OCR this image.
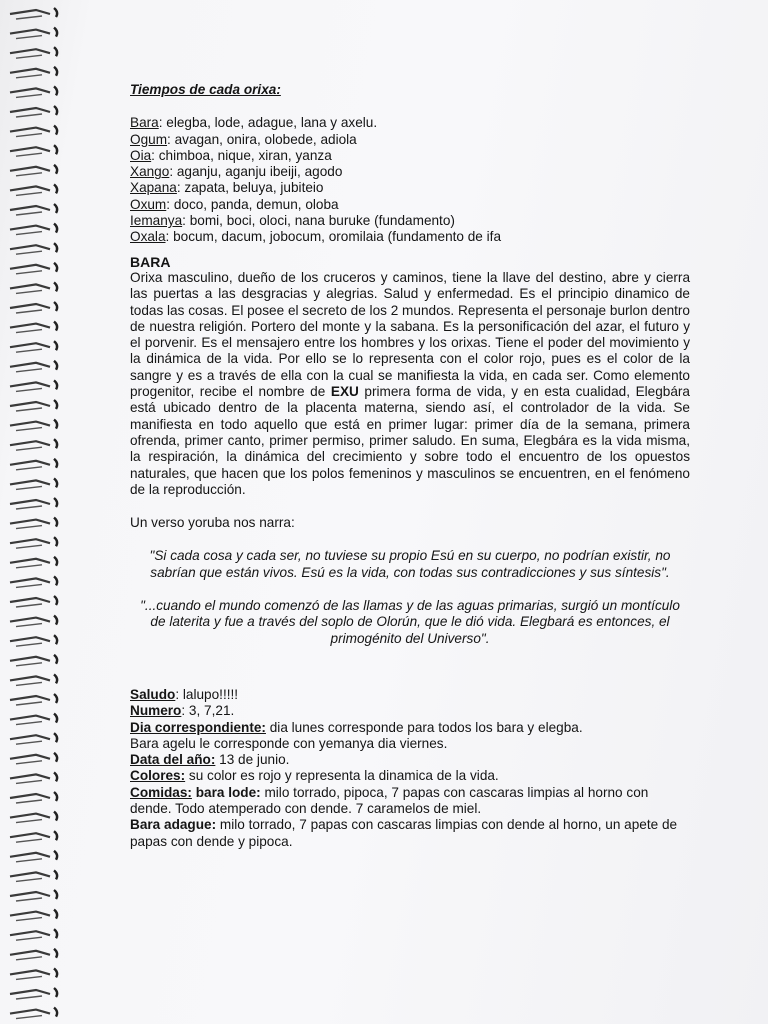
Tiempos de cada orixa:
Bara: elegba, lode, adague, lana y axelu.
Ogum: avagan, onira, olobede, adiola
Oia: chimboa, nique, xiran, yanza
Xango: aganju, aganju ibeiji, agodo
Xapana: zapata, beluya, jubiteio
Oxum: doco, panda, demun, oloba
Iemanya: bomi, boci, oloci, nana buruke (fundamento)
Oxala: bocum, dacum, jobocum, oromilaia (fundamento de ifa
BARA
Orixa masculino, dueño de los cruceros y caminos, tiene la llave del destino, abre y cierra las puertas a las desgracias y alegrias. Salud y enfermedad. Es el principio dinamico de todas las cosas. El posee el secreto de los 2 mundos. Representa el personaje burlon dentro de nuestra religión. Portero del monte y la sabana. Es la personificación del azar, el futuro y el porvenir. Es el mensajero entre los hombres y los orixas. Tiene el poder del movimiento y la dinámica de la vida. Por ello se lo representa con el color rojo, pues es el color de la sangre y es a través de ella con la cual se manifiesta la vida, en cada ser. Como elemento progenitor, recibe el nombre de EXU primera forma de vida, y en esta cualidad, Elegbára está ubicado dentro de la placenta materna, siendo así, el controlador de la vida. Se manifiesta en todo aquello que está en primer lugar: primer día de la semana, primera ofrenda, primer canto, primer permiso, primer saludo. En suma, Elegbára es la vida misma, la respiración, la dinámica del crecimiento y sobre todo el encuentro de los opuestos naturales, que hacen que los polos femeninos y masculinos se encuentren, en el fenómeno de la reproducción.
Un verso yoruba nos narra:
"Si cada cosa y cada ser, no tuviese su propio Esú en su cuerpo, no podrían existir, no sabrían que están vivos. Esú es la vida, con todas sus contradicciones y sus síntesis".
"...cuando el mundo comenzó de las llamas y de las aguas primarias, surgió un montículo de laterita y fue a través del soplo de Olorún, que le dió vida. Elegbará es entonces, el primogénito del Universo".
Saludo: lalupo!!!!!
Numero: 3, 7,21.
Dia correspondiente: dia lunes corresponde para todos los bara y elegba.
Bara agelu le corresponde con yemanya dia viernes.
Data del año: 13 de junio.
Colores: su color es rojo y representa la dinamica de la vida.
Comidas: bara lode: milo torrado, pipoca, 7 papas con cascaras limpias al horno con dende. Todo atemperado con dende. 7 caramelos de miel.
Bara adague: milo torrado, 7 papas con cascaras limpias con dende al horno, un apete de papas con dende y pipoca.
